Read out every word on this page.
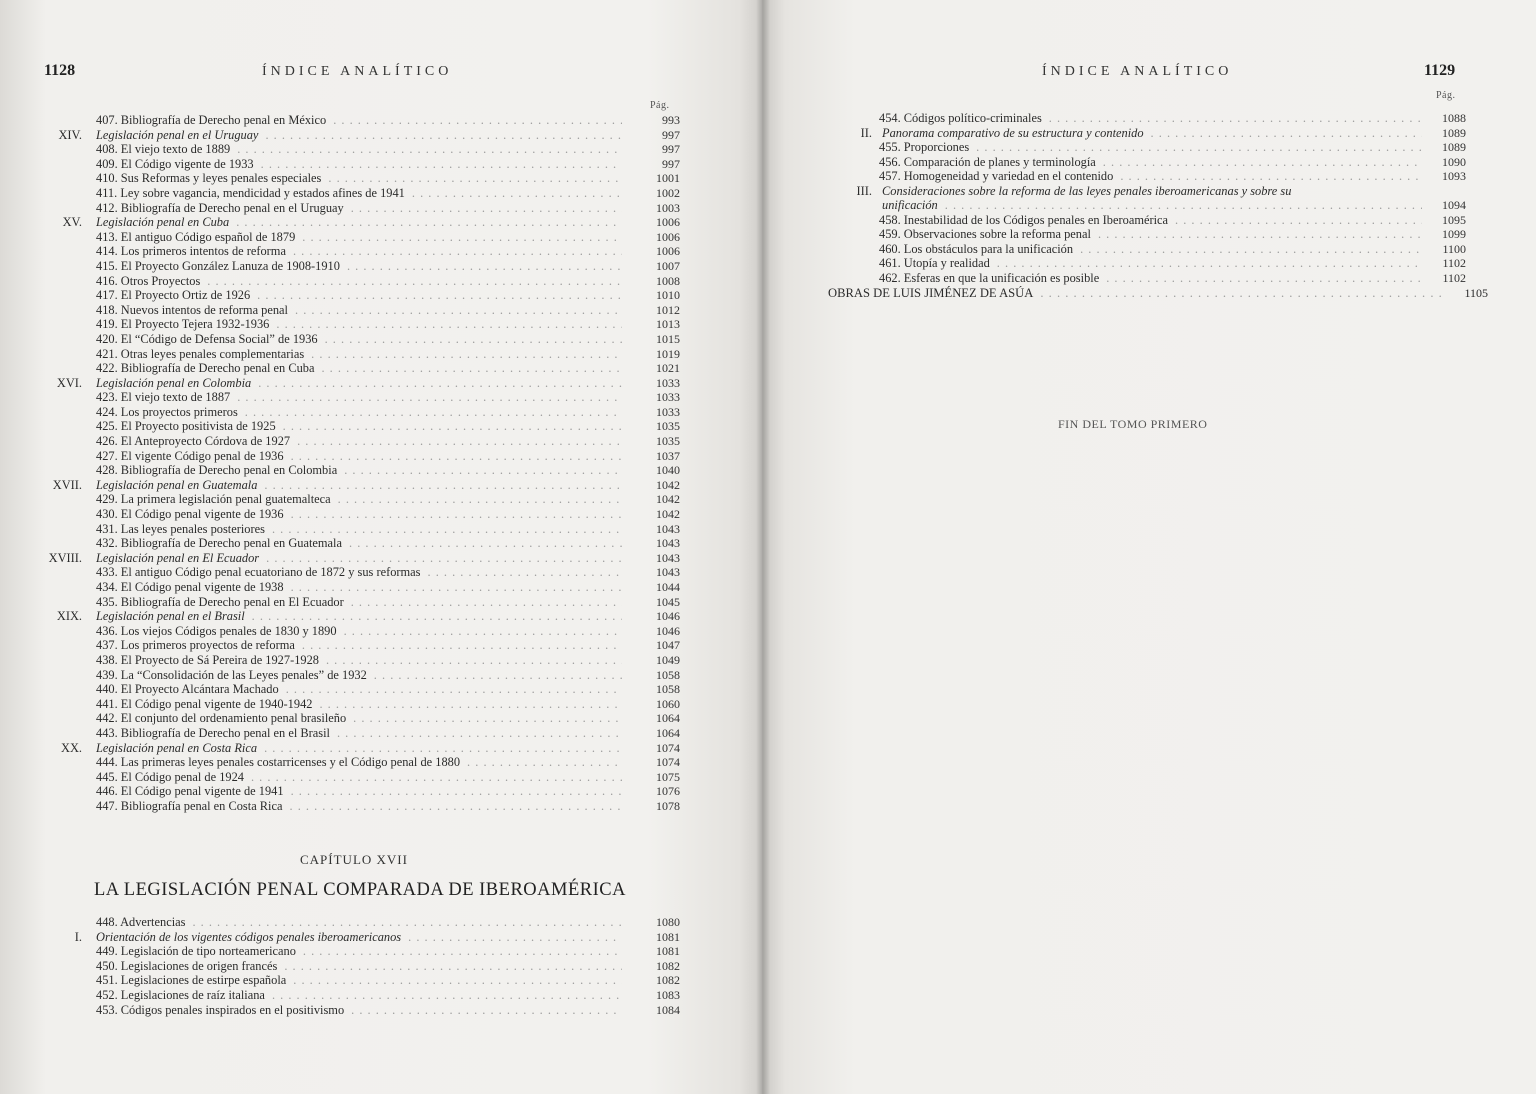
1128	ÍNDICE ANALÍTICO
Pág.
407. Bibliografía de Derecho penal en México . . .	993
XIV. Legislación penal en el Uruguay . . .	997
408. El viejo texto de 1889 . . .	997
409. El Código vigente de 1933 . . .	997
410. Sus Reformas y leyes penales especiales . . .	1001
411. Ley sobre vagancia, mendicidad y estados afines de 1941 . . .	1002
412. Bibliografía de Derecho penal en el Uruguay . . .	1003
XV. Legislación penal en Cuba . . .	1006
413. El antiguo Código español de 1879 . . .	1006
414. Los primeros intentos de reforma . . .	1006
415. El Proyecto González Lanuza de 1908-1910 . . .	1007
416. Otros Proyectos . . .	1008
417. El Proyecto Ortiz de 1926 . . .	1010
418. Nuevos intentos de reforma penal . . .	1012
419. El Proyecto Tejera 1932-1936 . . .	1013
420. El “Código de Defensa Social” de 1936 . . .	1015
421. Otras leyes penales complementarias . . .	1019
422. Bibliografía de Derecho penal en Cuba . . .	1021
XVI. Legislación penal en Colombia . . .	1033
423. El viejo texto de 1887 . . .	1033
424. Los proyectos primeros . . .	1033
425. El Proyecto positivista de 1925 . . .	1035
426. El Anteproyecto Córdova de 1927 . . .	1035
427. El vigente Código penal de 1936 . . .	1037
428. Bibliografía de Derecho penal en Colombia . . .	1040
XVII. Legislación penal en Guatemala . . .	1042
429. La primera legislación penal guatemalteca . . .	1042
430. El Código penal vigente de 1936 . . .	1042
431. Las leyes penales posteriores . . .	1043
432. Bibliografía de Derecho penal en Guatemala . . .	1043
XVIII. Legislación penal en El Ecuador . . .	1043
433. El antiguo Código penal ecuatoriano de 1872 y sus reformas . . .	1043
434. El Código penal vigente de 1938 . . .	1044
435. Bibliografía de Derecho penal en El Ecuador . . .	1045
XIX. Legislación penal en el Brasil . . .	1046
436. Los viejos Códigos penales de 1830 y 1890 . . .	1046
437. Los primeros proyectos de reforma . . .	1047
438. El Proyecto de Sá Pereira de 1927-1928 . . .	1049
439. La “Consolidación de las Leyes penales” de 1932 . . .	1058
440. El Proyecto Alcántara Machado . . .	1058
441. El Código penal vigente de 1940-1942 . . .	1060
442. El conjunto del ordenamiento penal brasileño . . .	1064
443. Bibliografía de Derecho penal en el Brasil . . .	1064
XX. Legislación penal en Costa Rica . . .	1074
444. Las primeras leyes penales costarricenses y el Código penal de 1880 . . .	1074
445. El Código penal de 1924 . . .	1075
446. El Código penal vigente de 1941 . . .	1076
447. Bibliografía penal en Costa Rica . . .	1078
CAPÍTULO XVII
LA LEGISLACIÓN PENAL COMPARADA DE IBEROAMÉRICA
448. Advertencias . . .	1080
I. Orientación de los vigentes códigos penales iberoamericanos . . .	1081
449. Legislación de tipo norteamericano . . .	1081
450. Legislaciones de origen francés . . .	1082
451. Legislaciones de estirpe española . . .	1082
452. Legislaciones de raíz italiana . . .	1083
453. Códigos penales inspirados en el positivismo . . .	1084
ÍNDICE ANALÍTICO	1129
Pág.
454. Códigos político-criminales . . .	1088
II. Panorama comparativo de su estructura y contenido . . .	1089
455. Proporciones . . .	1089
456. Comparación de planes y terminología . . .	1090
457. Homogeneidad y variedad en el contenido . . .	1093
III. Consideraciones sobre la reforma de las leyes penales iberoamericanas y sobre su
unificación . . .	1094
458. Inestabilidad de los Códigos penales en Iberoamérica . . .	1095
459. Observaciones sobre la reforma penal . . .	1099
460. Los obstáculos para la unificación . . .	1100
461. Utopía y realidad . . .	1102
462. Esferas en que la unificación es posible . . .	1102
OBRAS DE LUIS JIMÉNEZ DE ASÚA . . .	1105
FIN DEL TOMO PRIMERO
